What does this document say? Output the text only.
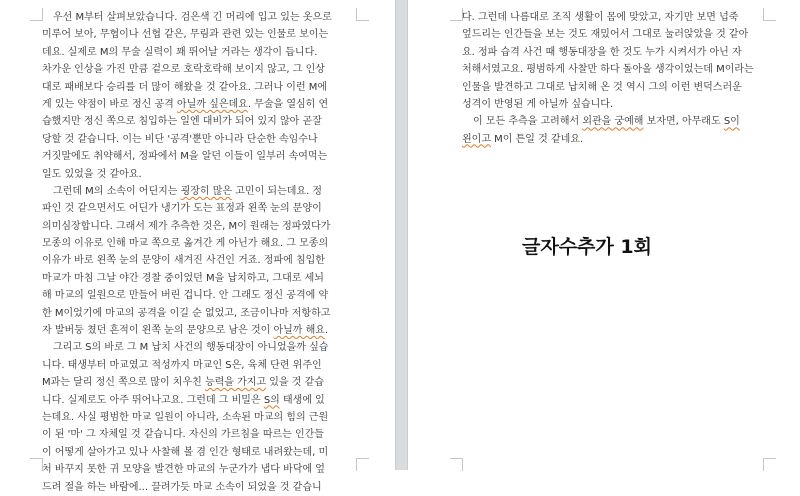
우선 M부터 살펴보았습니다. 검은색 긴 머리에 입고 있는 옷으로
미루어 보아, 무협이나 선협 같은, 무림과 관련 있는 인물로 보이는
데요. 실제로 M의 무술 실력이 꽤 뛰어날 거라는 생각이 듭니다.
차가운 인상을 가진 만큼 겉으로 호락호락해 보이지 않고, 그 인상
대로 패배보다 승리를 더 많이 해왔을 것 같아요. 그러나 이런 M에
게 있는 약점이 바로 정신 공격 아닐까 싶은데요. 무술을 열심히 연
습했지만 정신 쪽으로 침입하는 일엔 대비가 되어 있지 않아 곧잘
당할 것 같습니다. 이는 비단 '공격'뿐만 아니라 단순한 속임수나
거짓말에도 취약해서, 정파에서 M을 알던 이들이 일부러 속여먹는
일도 있었을 것 같아요.
그런데 M의 소속이 어딘지는 굉장히 많은 고민이 되는데요. 정
파인 것 같으면서도 어딘가 냉기가 도는 표정과 왼쪽 눈의 문양이
의미심장합니다. 그래서 제가 추측한 것은, M이 원래는 정파였다가
모종의 이유로 인해 마교 쪽으로 옮겨간 게 아닌가 해요. 그 모종의
이유가 바로 왼쪽 눈의 문양이 새겨진 사건인 거죠. 정파에 침입한
마교가 마침 그날 야간 경찰 중이었던 M을 납치하고, 그대로 세뇌
해 마교의 일원으로 만들어 버린 겁니다. 안 그래도 정신 공격에 약
한 M이었기에 마교의 공격을 이길 순 없었고, 조금이나마 저항하고
자 발버둥 쳤던 흔적이 왼쪽 눈의 문양으로 남은 것이 아닐까 해요.
그리고 S의 바로 그 M 납치 사건의 행동대장이 아니었을까 싶습
니다. 태생부터 마교였고 적성까지 마교인 S은, 육체 단련 위주인
M과는 달리 정신 쪽으로 많이 치우친 능력을 가지고 있을 것 같습
니다. 실제로도 아주 뛰어나고요. 그런데 그 비밀은 S의 태생에 있
는데요. 사실 평범한 마교 일원이 아니라, 소속된 마교의 힘의 근원
이 된 '마' 그 자체일 것 같습니다. 자신의 가르침을 따르는 인간들
이 어떻게 살아가고 있나 사찰해 볼 겸 인간 형태로 내려왔는데, 미
처 바꾸지 못한 귀 모양을 발견한 마교의 누군가가 냅다 바닥에 엎
드려 절을 하는 바람에... 끌려가듯 마교 소속이 되었을 것 같습니
다. 그런데 나름대로 조직 생활이 몸에 맞았고, 자기만 보면 넙죽
엎드리는 인간들을 보는 것도 재밌어서 그대로 눌러앉았을 것 같아
요. 정파 습격 사건 때 행동대장을 한 것도 누가 시켜서가 아닌 자
처해서였고요. 평범하게 사찰만 하다 돌아올 생각이었는데 M이라는
인물을 발견하고 그대로 납치해 온 것 역시 그의 이런 변덕스러운
성격이 반영된 게 아닐까 싶습니다.
이 모든 추측을 고려해서 외관을 궁예해 보자면, 아무래도 S이
왼이고 M이 튼일 것 같네요.
글자수추가 1회
